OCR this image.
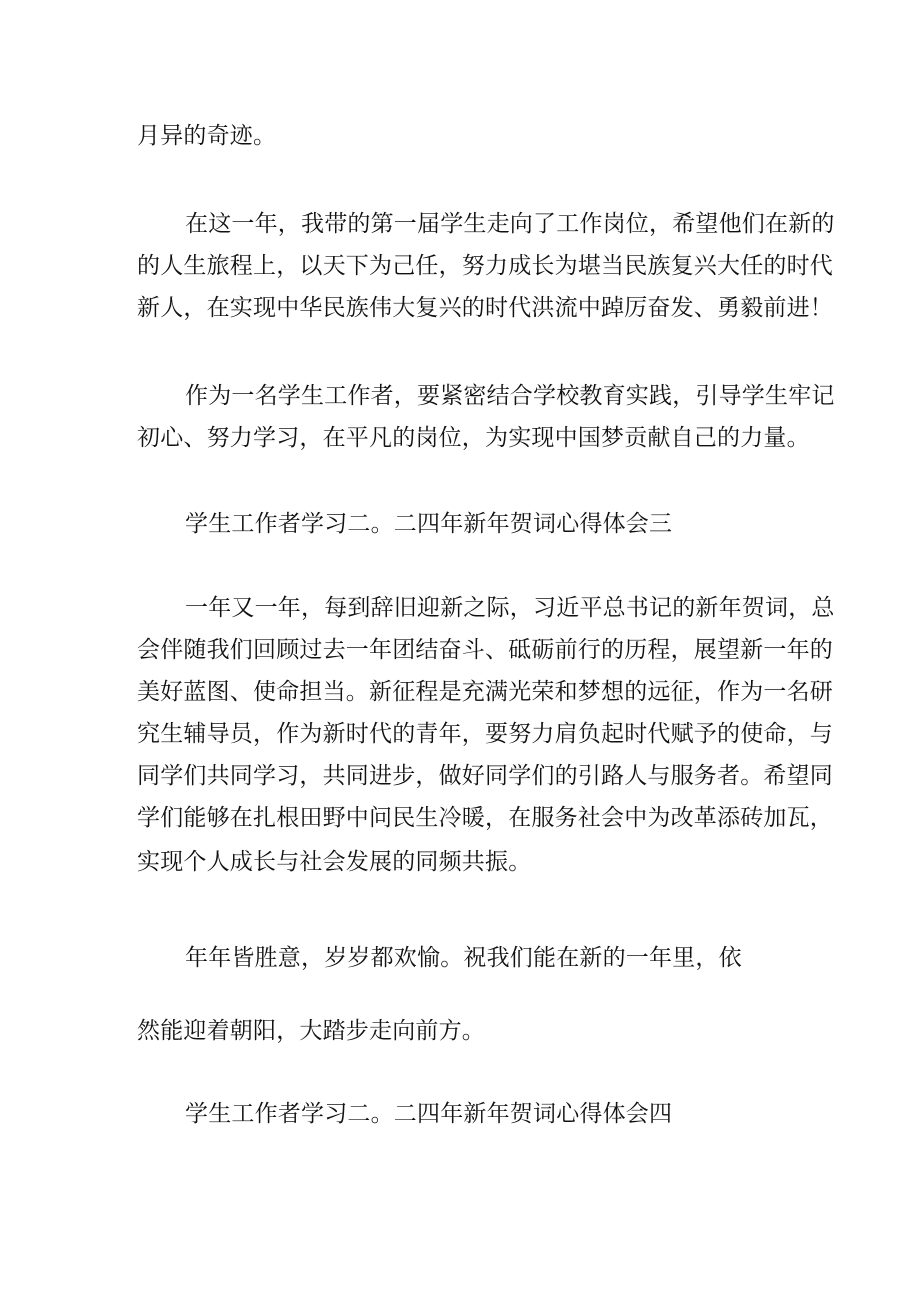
月异的奇迹。
在这一年，我带的第一届学生走向了工作岗位，希望他们在新的
的人生旅程上，以天下为己任，努力成长为堪当民族复兴大任的时代
新人，在实现中华民族伟大复兴的时代洪流中踔厉奋发、勇毅前进！
作为一名学生工作者，要紧密结合学校教育实践，引导学生牢记
初心、努力学习，在平凡的岗位，为实现中国梦贡献自己的力量。
学生工作者学习二。二四年新年贺词心得体会三
一年又一年，每到辞旧迎新之际，习近平总书记的新年贺词，总
会伴随我们回顾过去一年团结奋斗、砥砺前行的历程，展望新一年的
美好蓝图、使命担当。新征程是充满光荣和梦想的远征，作为一名研
究生辅导员，作为新时代的青年，要努力肩负起时代赋予的使命，与
同学们共同学习，共同进步，做好同学们的引路人与服务者。希望同
学们能够在扎根田野中问民生冷暖，在服务社会中为改革添砖加瓦，
实现个人成长与社会发展的同频共振。
年年皆胜意，岁岁都欢愉。祝我们能在新的一年里，依
然能迎着朝阳，大踏步走向前方。
学生工作者学习二。二四年新年贺词心得体会四
